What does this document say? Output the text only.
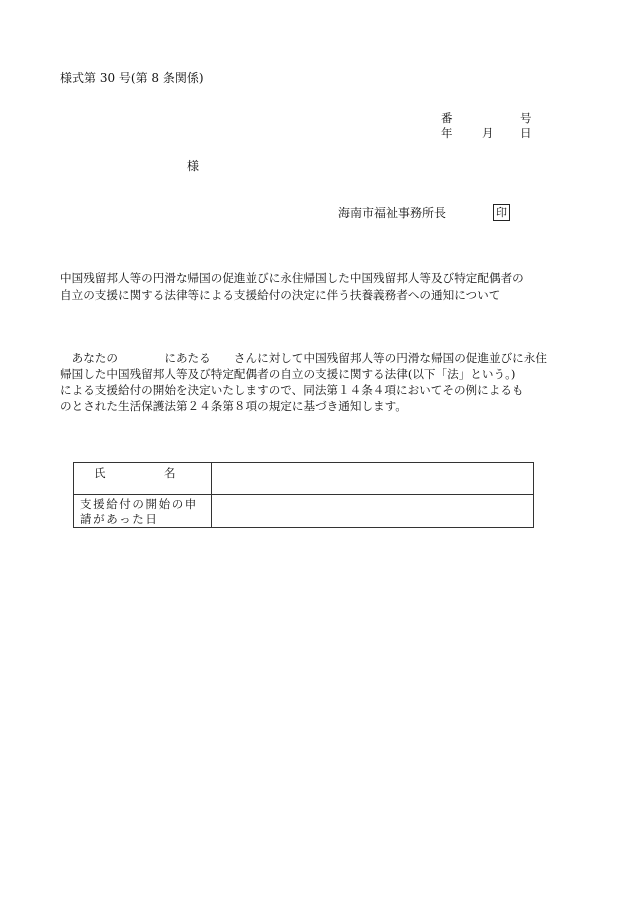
様式第 30 号(第 8 条関係)
番	号
年	月 日
様
海南市福祉事務所長	印
中国残留邦人等の円滑な帰国の促進並びに永住帰国した中国残留邦人等及び特定配偶者の
自立の支援に関する法律等による支援給付の決定に伴う扶養義務者への通知について
　あなたの　　　　にあたる　　さんに対して中国残留邦人等の円滑な帰国の促進並びに永住
帰国した中国残留邦人等及び特定配偶者の自立の支援に関する法律(以下「法」という。)
による支援給付の開始を決定いたしますので、同法第１４条４項においてその例によるも
のとされた生活保護法第２４条第８項の規定に基づき通知します。
氏 名	

支援給付の開始の申請があった日	
